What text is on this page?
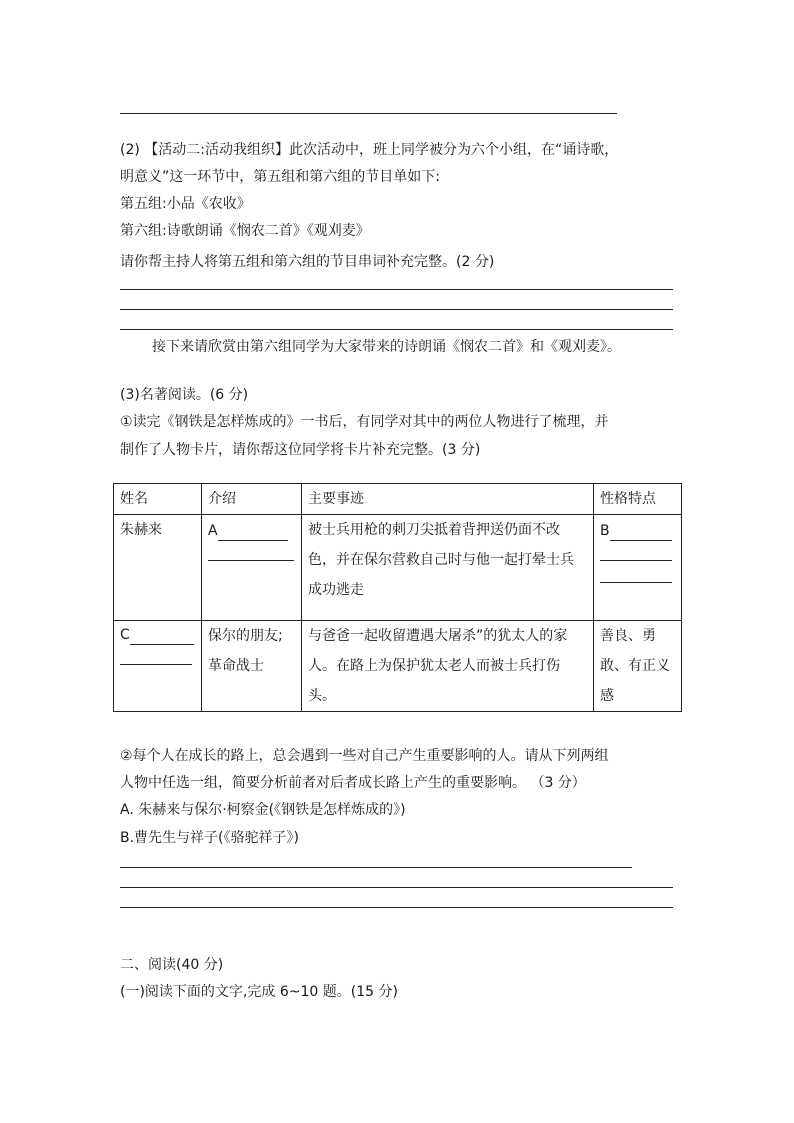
(2) 【活动二:活动我组织】此次活动中，班上同学被分为六个小组，在“诵诗歌，
明意义”这一环节中，第五组和第六组的节目单如下:
第五组:小品《农收》
第六组:诗歌朗诵《悯农二首》《观刈麦》
请你帮主持人将第五组和第六组的节目串词补充完整。(2 分)
接下来请欣赏由第六组同学为大家带来的诗朗诵《悯农二首》和《观刈麦》。
(3)名著阅读。(6 分)
①读完《钢铁是怎样炼成的》一书后，有同学对其中的两位人物进行了梳理，并
制作了人物卡片，请你帮这位同学将卡片补充完整。(3 分)
姓名	介绍	主要事迹	性格特点
朱赫来	A	被士兵用枪的刺刀尖抵着背押送仍面不改色，并在保尔营救自己时与他一起打晕士兵成功逃走	B

C	保尔的朋友;革命战士	与爸爸一起收留遭遇大屠杀”的犹太人的家人。在路上为保护犹太老人而被士兵打伤头。	善良、勇敢、有正义感
②每个人在成长的路上，总会遇到一些对自己产生重要影响的人。请从下列两组
人物中任选一组，简要分析前者对后者成长路上产生的重要影响。 （3 分）
A. 朱赫来与保尔·柯察金(《钢铁是怎样炼成的》)
B.曹先生与祥子(《骆驼祥子》)
二、阅读(40 分)
(一)阅读下面的文字,完成 6~10 题。(15 分)
